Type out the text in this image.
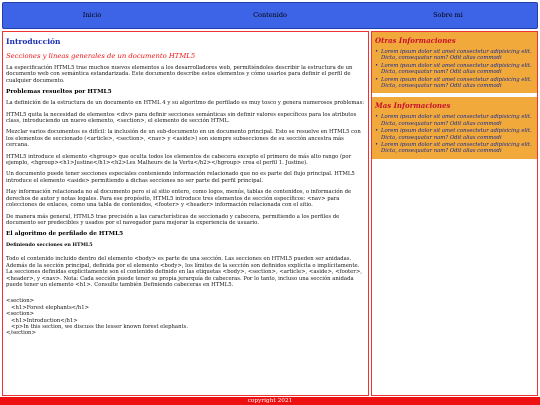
Inicio	Contenido	Sobre mi
Introducción
Secciones y lineas generales de un documento HTML5

La especificación HTML5 trae muchos nuevos elementos a los desarrolladores web, permitiéndoles describir la estructura de un documento web con semántica estandarizada. Este documento describe estos elementos y cómo usarlos para definir el perfil de cualquier documento.

Problemas resueltos por HTML5

La definición de la estructura de un documento en HTML 4 y su algoritmo de perfilado es muy tosco y genera numerosos problemas:

HTML5 quita la necesidad de elementos <div> para definir secciones semánticas sin definir valores específicos para los atributos class, introduciendo un nuevo elemento, <section>, el elemento de sección HTML.

Mezclar varios documentos es difícil: la inclusión de un sub-documento en un documento principal. Esto se resuelve en HTML5 con los elementos de seccionado (<article>, <section>, <nav> y <aside>) son siempre subsecciones de su sección ancestra más cercana.

HTML5 introduce el elemento <hgroup> que oculta todos los elementos de cabecera excepto el primero de más alto rango (por ejemplo, <hgroup><h1>Justine</h1><h2>Les Malheurs de la Vertu</h2></hgroup> crea el perfil 1. Justine).

Un documento puede tener secciones especiales conteniendo información relacionado que no es parte del flujo principal. HTML5 introduce el elemento <aside> permitiendo a dichas secciones no ser parte del perfil principal.

Hay información relacionada no al documento pero si al sitio entero, como logos, menús, tablas de contenidos, o información de derechos de autor y notas legales. Para ese propósito, HTML5 introduce tres elementos de sección específicos: <nav> para colecciones de enlaces, como una tabla de contenidos, <footer> y <header> información relacionada con el sitio.

De manera más general, HTML5 trae precisión a las características de seccionado y cabecera, permitiendo a los perfiles de documento ser predecibles y usados por el navegador para mejorar la experiencia de usuario.

El algoritmo de perfilado de HTML5
Definiendo secciones en HTML5

Todo el contenido incluido dentro del elemento <body> es parte de una sección. Las secciones en HTML5 pueden ser anidadas. Además de la sección principal, definida por el elemento <body>, los límites de la sección son definidos explícita o implícitamente. La secciones definidas explícitamente son el contenido definido en las etiquetas <body>, <section>, <article>, <aside>, <footer>, <header>, y <nav>. Nota: Cada sección puede tener su propia jerarquía de cabeceras. Por lo tanto, incluso una sección anidada puede tener un elemento <h1>. Consulte también Definiendo cabeceras en HTML5.

<section>
<h1>Forest elephants</h1>
<section>
<h1>Introduction</h1>
<p>In this section, we discuss the lesser known forest elephants.
</section>
Otras Informaciones
• Lorem ipsum dolor sit amet consectetur adipisicing elit. Dicta, consequatur nam? Odit alias commodi
• Lorem ipsum dolor sit amet consectetur adipisicing elit. Dicta, consequatur nam? Odit alias commodi
• Lorem ipsum dolor sit amet consectetur adipisicing elit. Dicta, consequatur nam? Odit alias commodi
Mas Informaciones
• Lorem ipsum dolor sit amet consectetur adipisicing elit. Dicta, consequatur nam? Odit alias commodi
• Lorem ipsum dolor sit amet consectetur adipisicing elit. Dicta, consequatur nam? Odit alias commodi
• Lorem ipsum dolor sit amet consectetur adipisicing elit. Dicta, consequatur nam? Odit alias commodi
copyright 2021
